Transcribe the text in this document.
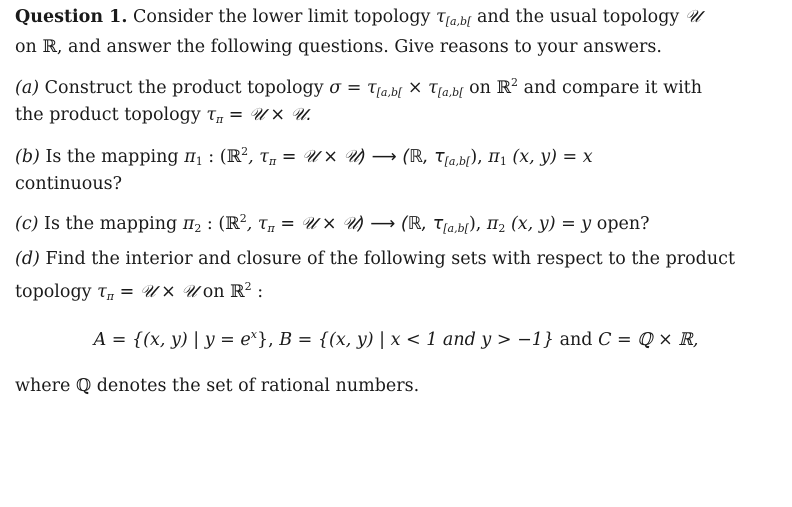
Question 1. Consider the lower limit topology $\tau_{[a,b[}$ and the usual topology 𝒰
on ℝ, and answer the following questions. Give reasons to your answers.
(a) Construct the product topology $\sigma = \tau_{[a,b[} \times \tau_{[a,b[}$ on ℝ$^2$ and compare it with
the product topology $\tau_\pi$ = 𝒰 × 𝒰.
(b) Is the mapping $\pi_1$ : (ℝ$^2$, $\tau_\pi$ = 𝒰 × 𝒰) ⟶ (ℝ, $\tau_{[a,b[}$), $\pi_1$ (x, y) = x
continuous?
(c) Is the mapping $\pi_2$ : (ℝ$^2$, $\tau_\pi$ = 𝒰 × 𝒰) ⟶ (ℝ, $\tau_{[a,b[}$), $\pi_2$ (x, y) = y open?
(d) Find the interior and closure of the following sets with respect to the product
topology $\tau_\pi$ = 𝒰 × 𝒰 on ℝ$^2$ :
A = {(x, y) | $y = e^x$}, B = {(x, y) | x < 1 and y > −1} and C = ℚ × ℝ,
where ℚ denotes the set of rational numbers.
